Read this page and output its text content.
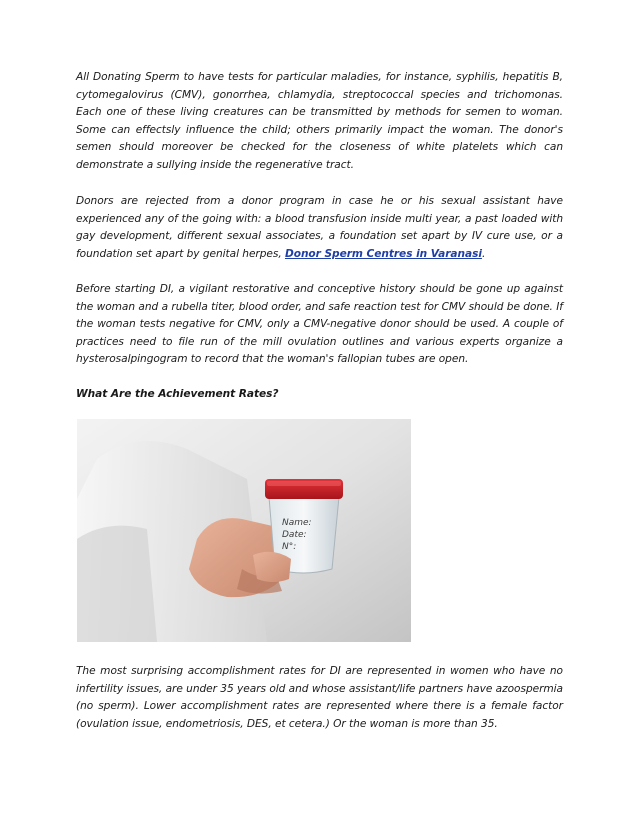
All Donating Sperm to have tests for particular maladies, for instance, syphilis, hepatitis B, cytomegalovirus (CMV), gonorrhea, chlamydia, streptococcal species and trichomonas. Each one of these living creatures can be transmitted by methods for semen to woman. Some can effectsly influence the child; others primarily impact the woman. The donor's semen should moreover be checked for the closeness of white platelets which can demonstrate a sullying inside the regenerative tract.

Donors are rejected from a donor program in case he or his sexual assistant have experienced any of the going with: a blood transfusion inside multi year, a past loaded with gay development, different sexual associates, a foundation set apart by IV cure use, or a foundation set apart by genital herpes, Donor Sperm Centres in Varanasi.

Before starting DI, a vigilant restorative and conceptive history should be gone up against the woman and a rubella titer, blood order, and safe reaction test for CMV should be done. If the woman tests negative for CMV, only a CMV-negative donor should be used. A couple of practices need to file run of the mill ovulation outlines and various experts organize a hysterosalpingogram to record that the woman's fallopian tubes are open.

What Are the Achievement Rates?

Name:
Date:
N°:

The most surprising accomplishment rates for DI are represented in women who have no infertility issues, are under 35 years old and whose assistant/life partners have azoospermia (no sperm). Lower accomplishment rates are represented where there is a female factor (ovulation issue, endometriosis, DES, et cetera.) Or the woman is more than 35.
